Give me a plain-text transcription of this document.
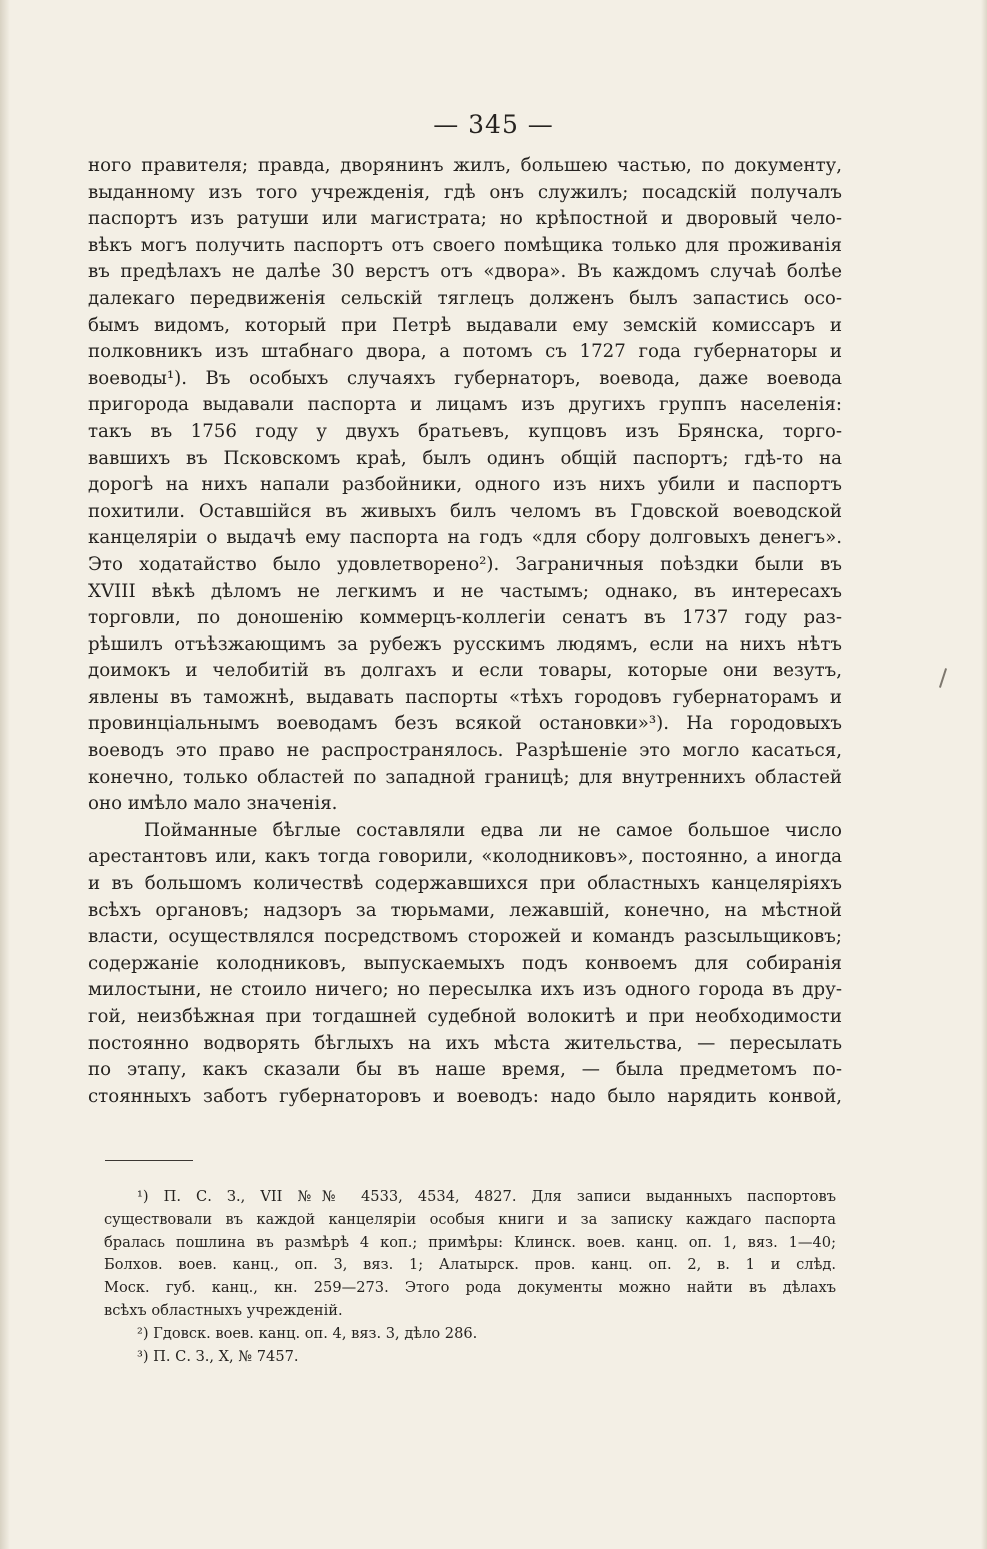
— 345 —
ного правителя; правда, дворянинъ жилъ, большею частью, по документу,
выданному изъ того учрежденія, гдѣ онъ служилъ; посадскій получалъ
паспортъ изъ ратуши или магистрата; но крѣпостной и дворовый чело-
вѣкъ могъ получить паспортъ отъ своего помѣщика только для проживанія
въ предѣлахъ не далѣе 30 верстъ отъ «двора». Въ каждомъ случаѣ болѣе
далекаго передвиженія сельскій тяглецъ долженъ былъ запастись осо-
бымъ видомъ, который при Петрѣ выдавали ему земскій комиссаръ и
полковникъ изъ штабнаго двора, а потомъ съ 1727 года губернаторы и
воеводы¹). Въ особыхъ случаяхъ губернаторъ, воевода, даже воевода
пригорода выдавали паспорта и лицамъ изъ другихъ группъ населенія:
такъ въ 1756 году у двухъ братьевъ, купцовъ изъ Брянска, торго-
вавшихъ въ Псковскомъ краѣ, былъ одинъ общій паспортъ; гдѣ-то на
дорогѣ на нихъ напали разбойники, одного изъ нихъ убили и паспортъ
похитили. Оставшійся въ живыхъ билъ челомъ въ Гдовской воеводской
канцеляріи о выдачѣ ему паспорта на годъ «для сбору долговыхъ денегъ».
Это ходатайство было удовлетворено²). Заграничныя поѣздки были въ
XVIII вѣкѣ дѣломъ не легкимъ и не частымъ; однако, въ интересахъ
торговли, по доношенію коммерцъ-коллегіи сенатъ въ 1737 году раз-
рѣшилъ отъѣзжающимъ за рубежъ русскимъ людямъ, если на нихъ нѣтъ
доимокъ и челобитій въ долгахъ и если товары, которые они везутъ,
явлены въ таможнѣ, выдавать паспорты «тѣхъ городовъ губернаторамъ и
провинціальнымъ воеводамъ безъ всякой остановки»³). На городовыхъ
воеводъ это право не распространялось. Разрѣшеніе это могло касаться,
конечно, только областей по западной границѣ; для внутреннихъ областей
оно имѣло мало значенія.
Пойманные бѣглые составляли едва ли не самое большое число
арестантовъ или, какъ тогда говорили, «колодниковъ», постоянно, а иногда
и въ большомъ количествѣ содержавшихся при областныхъ канцеляріяхъ
всѣхъ органовъ; надзоръ за тюрьмами, лежавшій, конечно, на мѣстной
власти, осуществлялся посредствомъ сторожей и командъ разсыльщиковъ;
содержаніе колодниковъ, выпускаемыхъ подъ конвоемъ для собиранія
милостыни, не стоило ничего; но пересылка ихъ изъ одного города въ дру-
гой, неизбѣжная при тогдашней судебной волокитѣ и при необходимости
постоянно водворять бѣглыхъ на ихъ мѣста жительства, — пересылать
по этапу, какъ сказали бы въ наше время, — была предметомъ по-
стоянныхъ заботъ губернаторовъ и воеводъ: надо было нарядить конвой,
¹) П. С. З., VII №№ 4533, 4534, 4827. Для записи выданныхъ паспортовъ
существовали въ каждой канцеляріи особыя книги и за записку каждаго паспорта
бралась пошлина въ размѣрѣ 4 коп.; примѣры: Клинск. воев. канц. оп. 1, вяз. 1—40;
Болхов. воев. канц., оп. 3, вяз. 1; Алатырск. пров. канц. оп. 2, в. 1 и слѣд.
Моск. губ. канц., кн. 259—273. Этого рода документы можно найти въ дѣлахъ
всѣхъ областныхъ учрежденій.
²) Гдовск. воев. канц. оп. 4, вяз. 3, дѣло 286.
³) П. С. З., X, № 7457.
